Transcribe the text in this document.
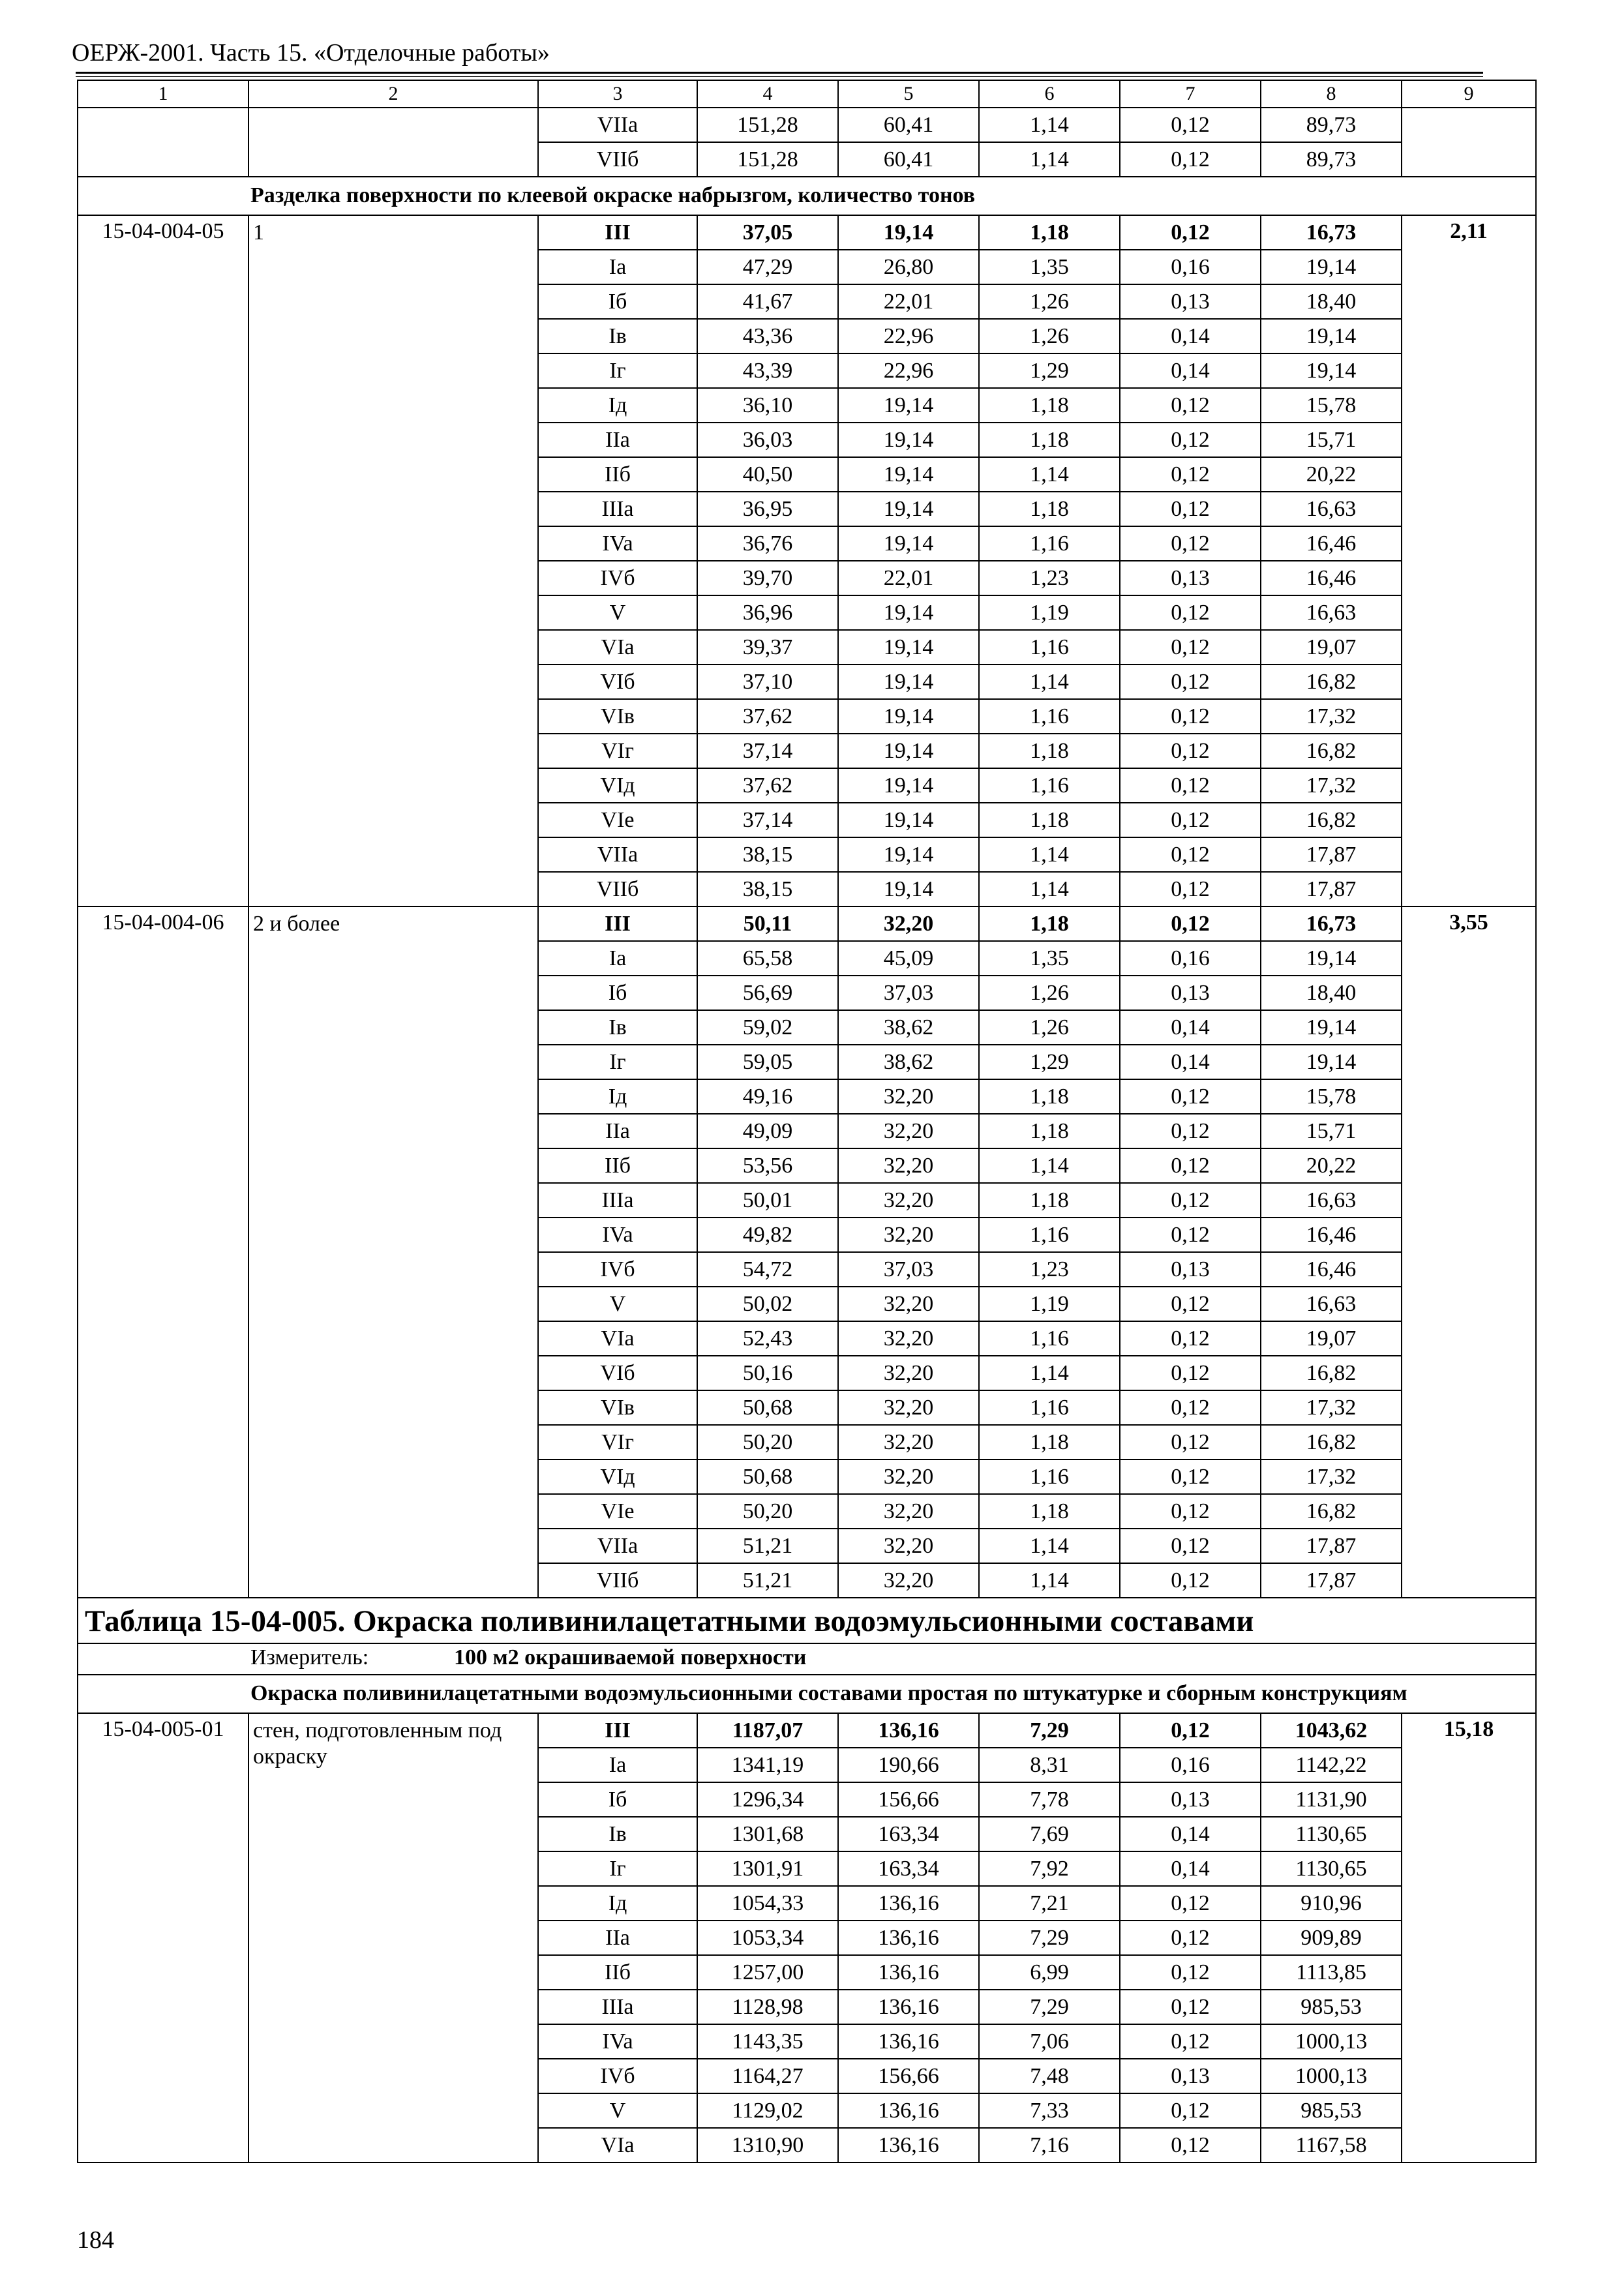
ОЕРЖ-2001. Часть 15. «Отделочные работы»
1	2	3	4	5	6	7	8	9
		VIIa	151,28	60,41	1,14	0,12	89,73	
		VIIб	151,28	60,41	1,14	0,12	89,73	
Разделка поверхности по клеевой окраске набрызгом, количество тонов								
15-04-004-05	1	III	37,05	19,14	1,18	0,12	16,73	2,11
		Ia	47,29	26,80	1,35	0,16	19,14	
		Iб	41,67	22,01	1,26	0,13	18,40	
		Iв	43,36	22,96	1,26	0,14	19,14	
		Iг	43,39	22,96	1,29	0,14	19,14	
		Iд	36,10	19,14	1,18	0,12	15,78	
		IIa	36,03	19,14	1,18	0,12	15,71	
		IIб	40,50	19,14	1,14	0,12	20,22	
		IIIa	36,95	19,14	1,18	0,12	16,63	
		IVa	36,76	19,14	1,16	0,12	16,46	
		IVб	39,70	22,01	1,23	0,13	16,46	
		V	36,96	19,14	1,19	0,12	16,63	
		VIa	39,37	19,14	1,16	0,12	19,07	
		VIб	37,10	19,14	1,14	0,12	16,82	
		VIв	37,62	19,14	1,16	0,12	17,32	
		VIг	37,14	19,14	1,18	0,12	16,82	
		VIд	37,62	19,14	1,16	0,12	17,32	
		VIe	37,14	19,14	1,18	0,12	16,82	
		VIIa	38,15	19,14	1,14	0,12	17,87	
		VIIб	38,15	19,14	1,14	0,12	17,87	
15-04-004-06	2 и более	III	50,11	32,20	1,18	0,12	16,73	3,55
		Ia	65,58	45,09	1,35	0,16	19,14	
		Iб	56,69	37,03	1,26	0,13	18,40	
		Iв	59,02	38,62	1,26	0,14	19,14	
		Iг	59,05	38,62	1,29	0,14	19,14	
		Iд	49,16	32,20	1,18	0,12	15,78	
		IIa	49,09	32,20	1,18	0,12	15,71	
		IIб	53,56	32,20	1,14	0,12	20,22	
		IIIa	50,01	32,20	1,18	0,12	16,63	
		IVa	49,82	32,20	1,16	0,12	16,46	
		IVб	54,72	37,03	1,23	0,13	16,46	
		V	50,02	32,20	1,19	0,12	16,63	
		VIa	52,43	32,20	1,16	0,12	19,07	
		VIб	50,16	32,20	1,14	0,12	16,82	
		VIв	50,68	32,20	1,16	0,12	17,32	
		VIг	50,20	32,20	1,18	0,12	16,82	
		VIд	50,68	32,20	1,16	0,12	17,32	
		VIe	50,20	32,20	1,18	0,12	16,82	
		VIIa	51,21	32,20	1,14	0,12	17,87	
		VIIб	51,21	32,20	1,14	0,12	17,87	
Таблица 15-04-005. Окраска поливинилацетатными водоэмульсионными составами								
Измеритель: 100 м2 окрашиваемой поверхности								
Окраска поливинилацетатными водоэмульсионными составами простая по штукатурке и сборным конструкциям								
15-04-005-01	стен, подготовленным под окраску	III	1187,07	136,16	7,29	0,12	1043,62	15,18
		Ia	1341,19	190,66	8,31	0,16	1142,22	
		Iб	1296,34	156,66	7,78	0,13	1131,90	
		Iв	1301,68	163,34	7,69	0,14	1130,65	
		Iг	1301,91	163,34	7,92	0,14	1130,65	
		Iд	1054,33	136,16	7,21	0,12	910,96	
		IIa	1053,34	136,16	7,29	0,12	909,89	
		IIб	1257,00	136,16	6,99	0,12	1113,85	
		IIIa	1128,98	136,16	7,29	0,12	985,53	
		IVa	1143,35	136,16	7,06	0,12	1000,13	
		IVб	1164,27	156,66	7,48	0,13	1000,13	
		V	1129,02	136,16	7,33	0,12	985,53	
		VIa	1310,90	136,16	7,16	0,12	1167,58	
184
